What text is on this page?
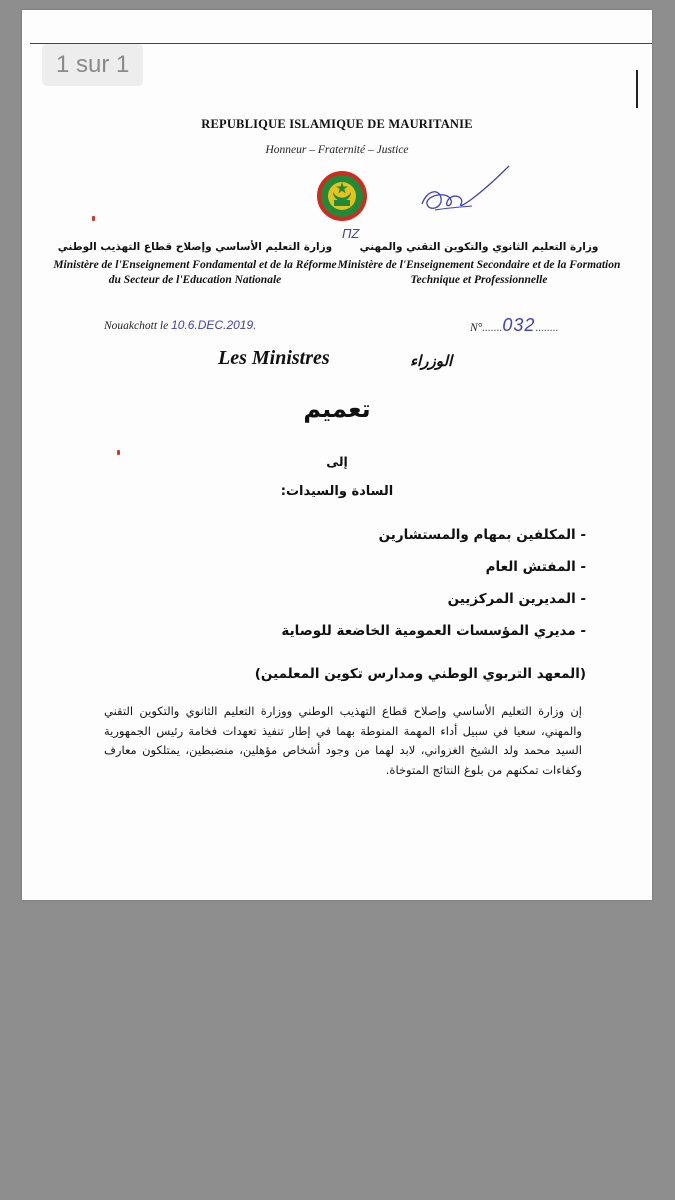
REPUBLIQUE ISLAMIQUE DE MAURITANIE
Honneur – Fraternité – Justice
ΠZ
وزارة التعليم الأساسي وإصلاح قطاع التهذيب الوطني
Ministère de l'Enseignement Fondamental et de la Réforme du Secteur de l'Education Nationale
وزارة التعليم الثانوي والتكوين التقني والمهني
Ministère de l'Enseignement Secondaire et de la Formation Technique et Professionnelle
Nouakchott le 10.6.DEC.2019.	N°.......032........
Les Ministres	الوزراء
تعميم
إلى
السادة والسيدات:
- المكلفين بمهام والمستشارين
- المفتش العام
- المديرين المركزيين
- مديري المؤسسات العمومية الخاضعة للوصاية
(المعهد التربوي الوطني ومدارس تكوين المعلمين)
إن وزارة التعليم الأساسي وإصلاح قطاع التهذيب الوطني ووزارة التعليم الثانوي والتكوين التقني والمهني، سعيا في سبيل أداء المهمة المنوطة بهما في إطار تنفيذ تعهدات فخامة رئيس الجمهورية السيد محمد ولد الشيخ الغزواني، لابد لهما من وجود أشخاص مؤهلين، منضبطين، يمتلكون معارف وكفاءات تمكنهم من بلوغ النتائج المتوخاة.
1 sur 1
